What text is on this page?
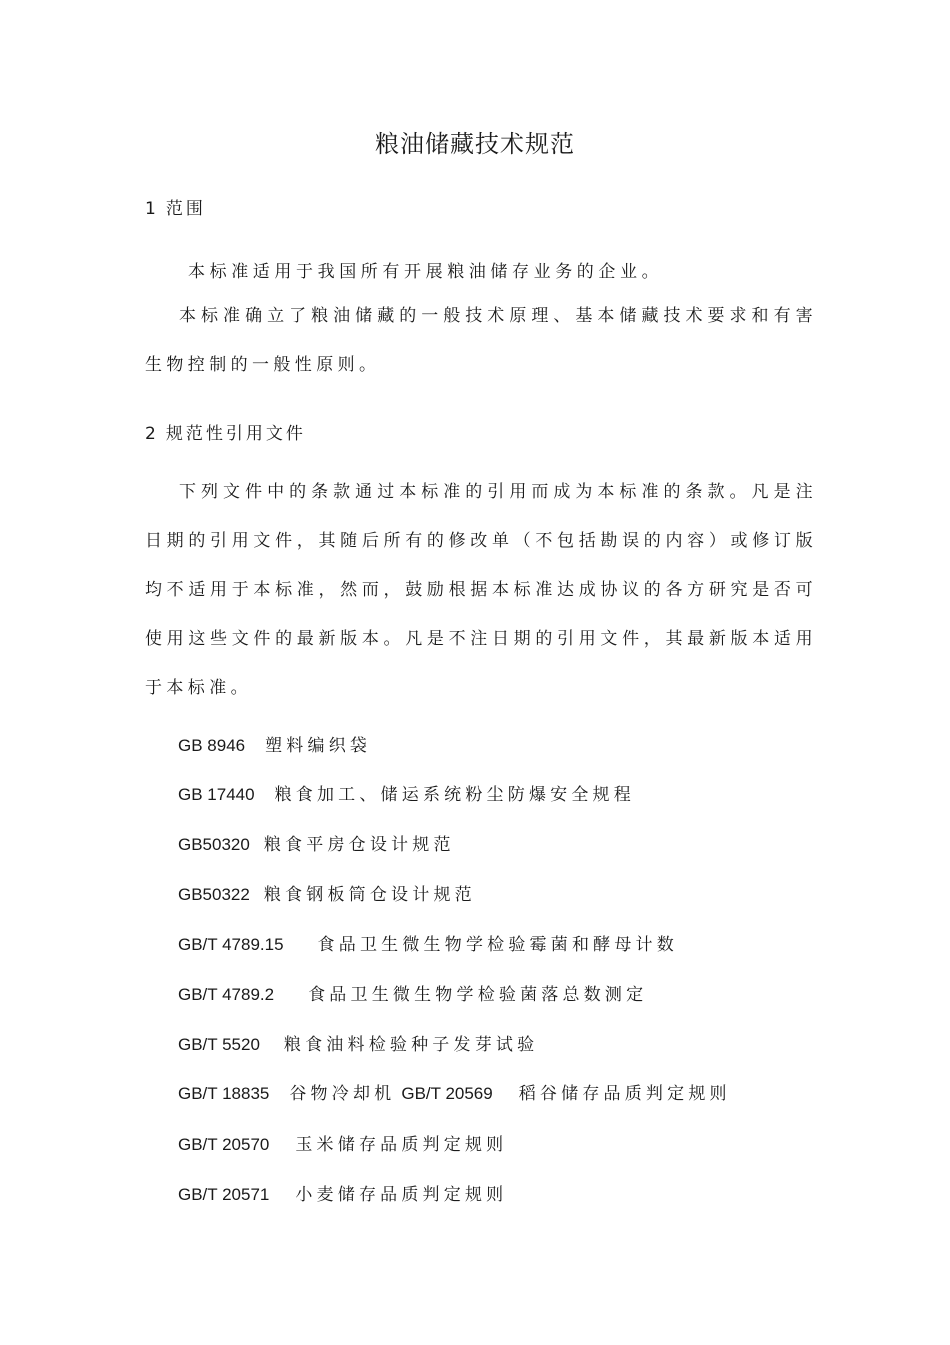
粮油储藏技术规范
1 范围
本标准适用于我国所有开展粮油储存业务的企业。
本标准确立了粮油储藏的一般技术原理、基本储藏技术要求和有害生物控制的一般性原则。
2 规范性引用文件
下列文件中的条款通过本标准的引用而成为本标准的条款。凡是注日期的引用文件，其随后所有的修改单（不包括勘误的内容）或修订版均不适用于本标准，然而，鼓励根据本标准达成协议的各方研究是否可使用这些文件的最新版本。凡是不注日期的引用文件，其最新版本适用于本标准。
GB 8946 塑料编织袋
GB 17440 粮食加工、储运系统粉尘防爆安全规程
GB50320 粮食平房仓设计规范
GB50322 粮食钢板筒仓设计规范
GB/T 4789.15 食品卫生微生物学检验霉菌和酵母计数
GB/T 4789.2 食品卫生微生物学检验菌落总数测定
GB/T 5520 粮食油料检验种子发芽试验
GB/T 18835 谷物冷却机 GB/T 20569 稻谷储存品质判定规则
GB/T 20570 玉米储存品质判定规则
GB/T 20571 小麦储存品质判定规则
